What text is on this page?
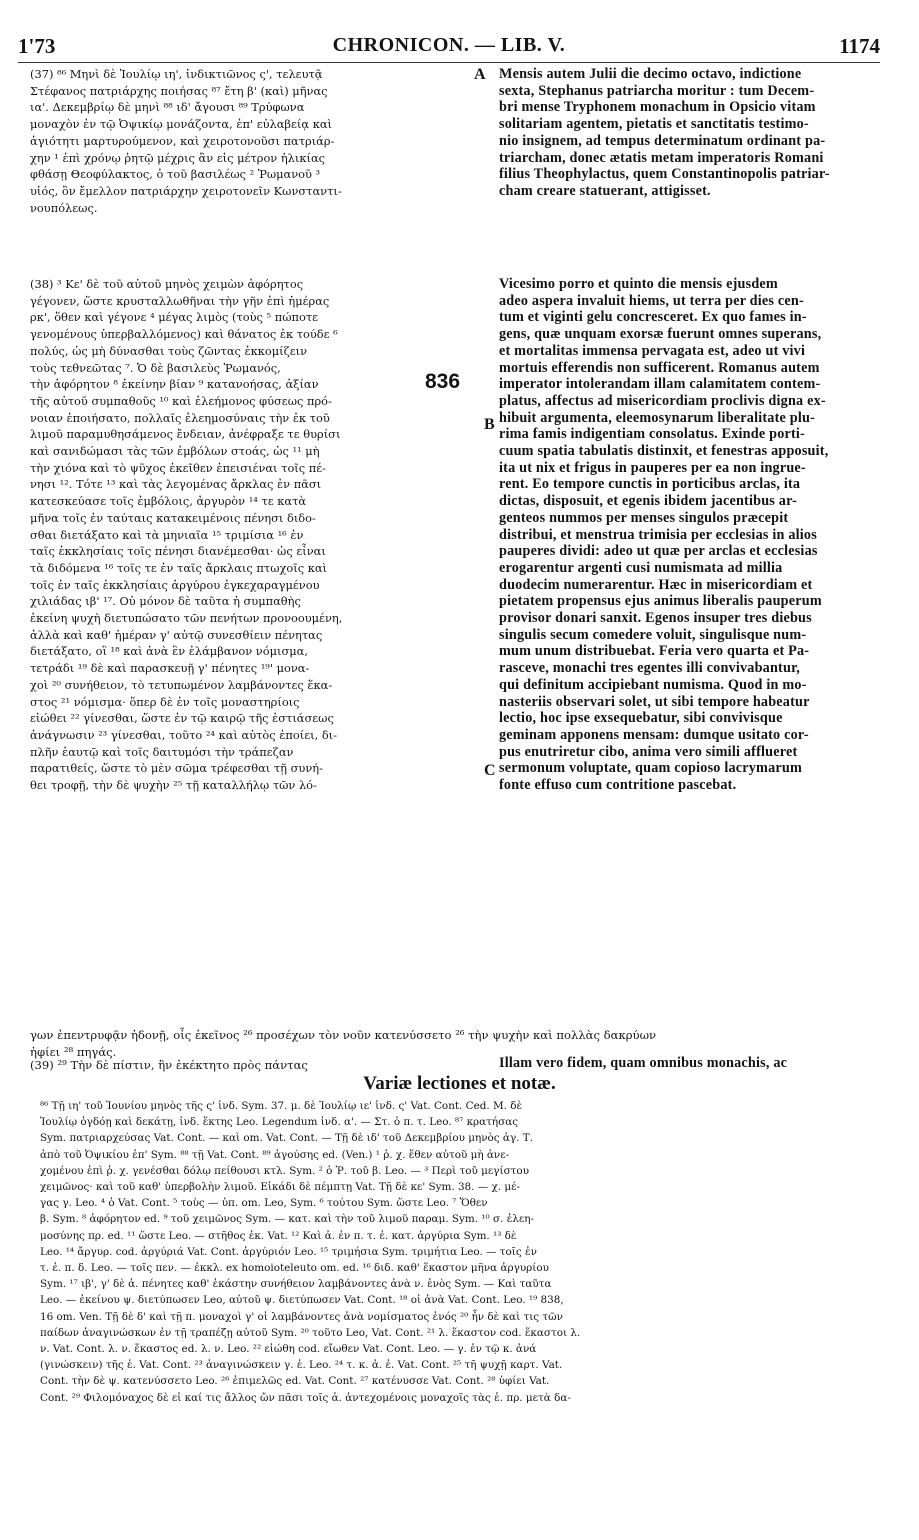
1'73	CHRONICON. — LIB. V.	1174
(37) ⁸⁶ Μηνὶ δὲ Ἰουλίῳ ιη', ἰνδικτιῶνος ς', τελευτᾷ
Στέφανος πατριάρχης ποιήσας ⁸⁷ ἔτη β' (καὶ) μῆνας
ια'. Δεκεμβρίῳ δὲ μηνὶ ⁸⁸ ιδ' ἄγουσι ⁸⁹ Τρύφωνα
μοναχὸν ἐν τῷ Ὀψικίῳ μονάζοντα, ἐπ' εὐλαβείᾳ καὶ
ἁγιότητι μαρτυρούμενον, καὶ χειροτονοῦσι πατριάρ-
χην ¹ ἐπὶ χρόνῳ ῥητῷ μέχρις ἂν εἰς μέτρον ἡλικίας
φθάσῃ Θεοφύλακτος, ὁ τοῦ βασιλέως ² Ῥωμανοῦ ³
υἱός, ὃν ἔμελλον πατριάρχην χειροτονεῖν Κωνσταντι-
νουπόλεως.
(38) ³ Κε' δὲ τοῦ αὐτοῦ μηνὸς χειμὼν ἀφόρητος
γέγονεν, ὥστε κρυσταλλωθῆναι τὴν γῆν ἐπὶ ἡμέρας
ρκ', ὅθεν καὶ γέγονε ⁴ μέγας λιμὸς (τοὺς ⁵ πώποτε
γενομένους ὑπερβαλλόμενος) καὶ θάνατος ἐκ τούδε ⁶
πολύς, ὡς μὴ δύνασθαι τοὺς ζῶντας ἐκκομίζειν
τοὺς τεθνεῶτας ⁷. Ὁ δὲ βασιλεὺς Ῥωμανός,
τὴν ἀφόρητον ⁸ ἐκείνην βίαν ⁹ κατανοήσας, ἀξίαν
τῆς αὐτοῦ συμπαθοῦς ¹⁰ καὶ ἐλεήμονος φύσεως πρό-
νοιαν ἐποιήσατο, πολλαῖς ἐλεημοσύναις τὴν ἐκ τοῦ
λιμοῦ παραμυθησάμενος ἔνδειαν, ἀνέφραξε τε θυρίσι
καὶ σανιδώμασι τὰς τῶν ἐμβόλων στοάς, ὡς ¹¹ μὴ
τὴν χιόνα καὶ τὸ ψῦχος ἐκεῖθεν ἐπεισιέναι τοῖς πέ-
νησι ¹². Τότε ¹³ καὶ τὰς λεγομένας ἄρκλας ἐν πᾶσι
κατεσκεύασε τοῖς ἐμβόλοις, ἀργυρὸν ¹⁴ τε κατὰ
μῆνα τοῖς ἐν ταύταις κατακειμένοις πένησι διδο-
σθαι διετάξατο καὶ τὰ μηνιαῖα ¹⁵ τριμίσια ¹⁶ ἐν
ταῖς ἐκκλησίαις τοῖς πένησι διανέμεσθαι· ὡς εἶναι
τὰ διδόμενα ¹⁶ τοῖς τε ἐν ταῖς ἄρκλαις πτωχοῖς καὶ
τοῖς ἐν ταῖς ἐκκλησίαις ἀργύρου ἐγκεχαραγμένου
χιλιάδας ιβ' ¹⁷. Οὐ μόνον δὲ ταῦτα ἡ συμπαθὴς
ἐκείνη ψυχὴ διετυπώσατο τῶν πενήτων προνοουμένη,
ἀλλὰ καὶ καθ' ἡμέραν γ' αὐτῷ συνεσθίειν πένητας
διετάξατο, οἳ ¹⁸ καὶ ἀνὰ ἓν ἐλάμβανον νόμισμα,
τετράδι ¹⁹ δὲ καὶ παρασκευῇ γ' πένητες ¹⁹' μονα-
χοὶ ²⁰ συνήθειον, τὸ τετυπωμένον λαμβάνοντες ἕκα-
στος ²¹ νόμισμα· ὅπερ δὲ ἐν τοῖς μοναστηρίοις
εἰώθει ²² γίνεσθαι, ὥστε ἐν τῷ καιρῷ τῆς ἑστιάσεως
ἀνάγνωσιν ²³ γίνεσθαι, τοῦτο ²⁴ καὶ αὐτὸς ἐποίει, δι-
πλῆν ἑαυτῷ καὶ τοῖς δαιτυμόσι τὴν τράπεζαν
παρατιθείς, ὥστε τὸ μὲν σῶμα τρέφεσθαι τῇ συνή-
θει τροφῇ, τὴν δὲ ψυχὴν ²⁵ τῇ καταλλήλῳ τῶν λό-
Mensis autem Julii die decimo octavo, indictione
sexta, Stephanus patriarcha moritur : tum Decem-
bri mense Tryphonem monachum in Opsicio vitam
solitariam agentem, pietatis et sanctitatis testimo-
nio insignem, ad tempus determinatum ordinant pa-
triarcham, donec ætatis metam imperatoris Romani
filius Theophylactus, quem Constantinopolis patriar-
cham creare statuerant, attigisset.
Vicesimo porro et quinto die mensis ejusdem
adeo aspera invaluit hiems, ut terra per dies cen-
tum et viginti gelu concresceret. Ex quo fames in-
gens, quæ unquam exorsæ fuerunt omnes superans,
et mortalitas immensa pervagata est, adeo ut vivi
mortuis efferendis non sufficerent. Romanus autem
imperator intolerandam illam calamitatem contem-
platus, affectus ad misericordiam proclivis digna ex-
hibuit argumenta, eleemosynarum liberalitate plu-
rima famis indigentiam consolatus. Exinde porti-
cuum spatia tabulatis distinxit, et fenestras apposuit,
ita ut nix et frigus in pauperes per ea non ingrue-
rent. Eo tempore cunctis in porticibus arclas, ita
dictas, disposuit, et egenis ibidem jacentibus ar-
genteos nummos per menses singulos præcepit
distribui, et menstrua trimisia per ecclesias in alios
pauperes dividi: adeo ut quæ per arclas et ecclesias
erogarentur argenti cusi numismata ad millia
duodecim numerarentur. Hæc in misericordiam et
pietatem propensus ejus animus liberalis pauperum
provisor donari sanxit. Egenos insuper tres diebus
singulis secum comedere voluit, singulisque num-
mum unum distribuebat. Feria vero quarta et Pa-
rasceve, monachi tres egentes illi convivabantur,
qui definitum accipiebant numisma. Quod in mo-
nasteriis observari solet, ut sibi tempore habeatur
lectio, hoc ipse exsequebatur, sibi convivisque
geminam apponens mensam: dumque usitato cor-
pus enutriretur cibo, anima vero simili afflueret
sermonum voluptate, quam copioso lacrymarum
fonte effuso cum contritione pascebat.
A
B
C
836
γων ἐπεντρυφᾷν ἡδονῇ, οἷς ἐκεῖνος ²⁶ προσέχων τὸν νοῦν κατενύσσετο ²⁶ τὴν ψυχὴν καὶ πολλὰς δακρύων
ἠφίει ²⁸ πηγάς.
(39) ²⁹ Τὴν δὲ πίστιν, ἣν ἐκέκτητο πρὸς πάντας	Illam vero fidem, quam omnibus monachis, ac
Variæ lectiones et notæ.
⁸⁶ Τῇ ιη' τοῦ Ἰουνίου μηνὸς τῆς ς' ἰνδ. Sym. 37. μ. δὲ Ἰουλίῳ ιε' ἰνδ. ς' Vat. Cont. Ced. M. δὲ
Ἰουλίῳ ὀγδόῃ καὶ δεκάτῃ, ἰνδ. ἕκτης Leo. Legendum ἰνδ. α'. — Στ. ὁ π. τ. Leo. ⁸⁷ κρατήσας
Sym. πατριαρχεύσας Vat. Cont. — καὶ om. Vat. Cont. — Τῇ δὲ ιδ' τοῦ Δεκεμβρίου μηνὸς ἀγ. Τ.
ἀπὸ τοῦ Ὀψικίου ἐπ' Sym. ⁸⁸ τῇ Vat. Cont. ⁸⁹ ἀγούσης ed. (Ven.) ¹ ῥ. χ. ἕθεν αὐτοῦ μὴ ἀνε-
χομένου ἐπὶ ῥ. χ. γενέσθαι δόλῳ πείθουσι κτλ. Sym. ² ὁ Ῥ. τοῦ β. Leo. — ³ Περὶ τοῦ μεγίστου
χειμῶνος· καὶ τοῦ καθ' ὑπερβολὴν λιμοῦ. Εἰκάδι δὲ πέμπτῃ Vat. Τῇ δὲ κε' Sym. 38. — χ. μέ-
γας γ. Leo. ⁴ ὁ Vat. Cont. ⁵ τοὺς — ὑπ. om. Leo, Sym. ⁶ τούτου Sym. ὥστε Leo. ⁷ Ὅθεν
β. Sym. ⁸ ἀφόρητον ed. ⁹ τοῦ χειμῶνος Sym. — κατ. καὶ τὴν τοῦ λιμοῦ παραμ. Sym. ¹⁰ σ. ἐλεη-
μοσύνης πρ. ed. ¹¹ ὥστε Leo. — στῆθος ἐκ. Vat. ¹² Καὶ ἀ. ἐν π. τ. ἐ. κατ. ἀργύρια Sym. ¹³ δὲ
Leo. ¹⁴ ἄργυρ. cod. ἀργύριά Vat. Cont. ἀργύριόν Leo. ¹⁵ τριμήσια Sym. τριμήτια Leo. — τοῖς ἐν
τ. ἐ. π. δ. Leo. — τοῖς πεν. — ἐκκλ. ex homoioteleuto om. ed. ¹⁶ διδ. καθ' ἕκαστον μῆνα ἀργυρίου
Sym. ¹⁷ ιβ', γ' δὲ ἀ. πένητες καθ' ἑκάστην συνήθειον λαμβάνοντες ἀνὰ ν. ἑνὸς Sym. — Καὶ ταῦτα
Leo. — ἐκείνου ψ. διετύπωσεν Leo, αὐτοῦ ψ. διετύπωσεν Vat. Cont. ¹⁸ οἱ ἀνὰ Vat. Cont. Leo. ¹⁹ 838,
16 om. Ven. Τῇ δὲ δ' καὶ τῇ π. μοναχοὶ γ' οἱ λαμβάνοντες ἀνὰ νομίσματος ἑνός ²⁰ ἦν δὲ καὶ τις τῶν
παίδων ἀναγινώσκων ἐν τῇ τραπέζῃ αὐτοῦ Sym. ²⁰ τοῦτο Leo, Vat. Cont. ²¹ λ. ἕκαστον cod. ἕκαστοι λ.
ν. Vat. Cont. λ. ν. ἕκαστος ed. λ. ν. Leo. ²² εἰώθη cod. εἴωθεν Vat. Cont. Leo. — γ. ἐν τῷ κ. ἀνά
(γινώσκειν) τῆς ἑ. Vat. Cont. ²³ ἀναγινώσκειν γ. ἑ. Leo. ²⁴ τ. κ. ἀ. ἐ. Vat. Cont. ²⁵ τῆ ψυχῇ καρτ. Vat.
Cont. τὴν δὲ ψ. κατενύσσετο Leo. ²⁶ ἐπιμελῶς ed. Vat. Cont. ²⁷ κατένυσσε Vat. Cont. ²⁸ ὑφίει Vat.
Cont. ²⁹ Φιλομόναχος δὲ εἰ καί τις ἄλλος ὤν πᾶσι τοῖς ἀ. ἀντεχομένοις μοναχοῖς τὰς ἑ. πρ. μετὰ δα-
